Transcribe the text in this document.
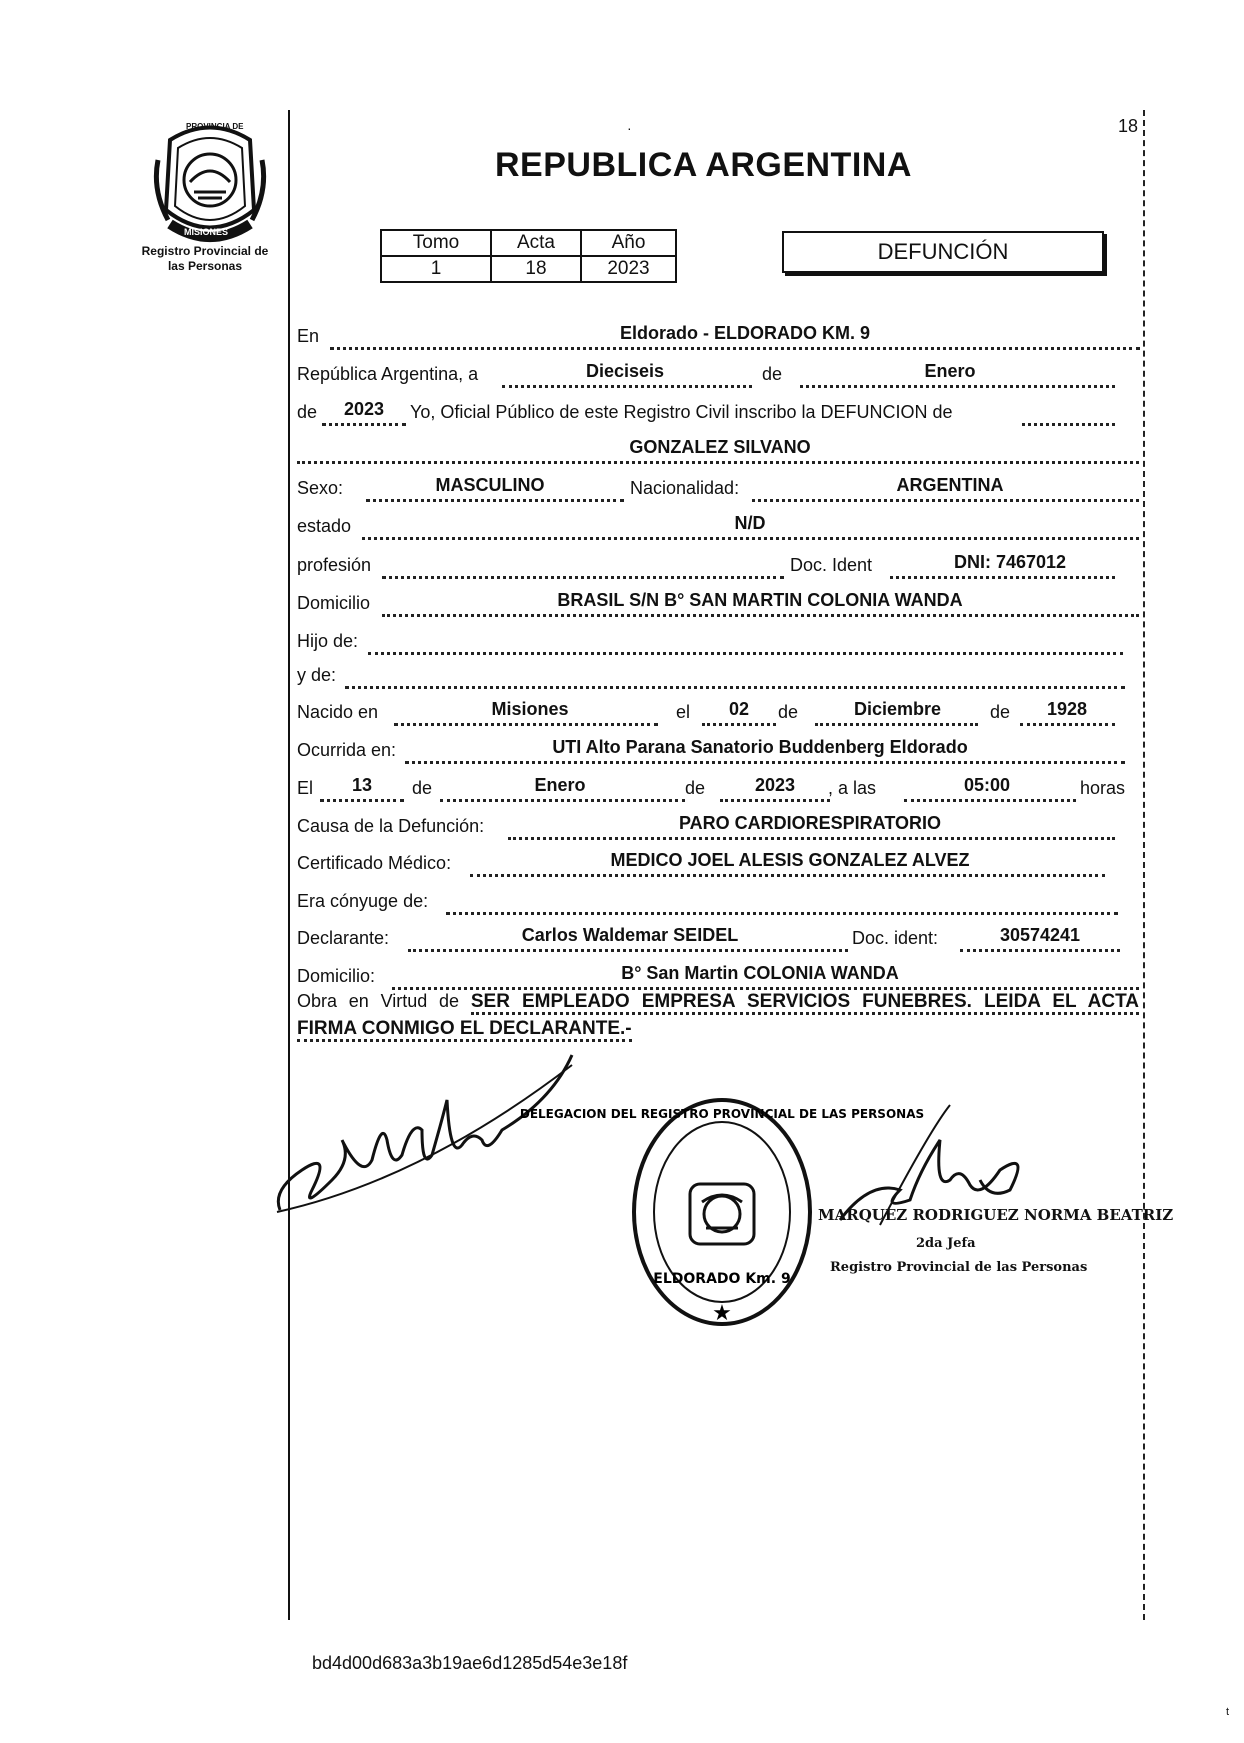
18
·
PROVINCIA DE
MISIONES
Registro Provincial de
las Personas
REPUBLICA ARGENTINA
Tomo	Acta	Año
1	18	2023
DEFUNCIÓN
En	Eldorado - ELDORADO KM. 9
República Argentina, a	Dieciseis	de	Enero
de	2023	Yo, Oficial Público de este Registro Civil inscribo la DEFUNCION de
GONZALEZ SILVANO
Sexo:	MASCULINO	Nacionalidad:	ARGENTINA
estado	N/D
profesión	Doc. Ident	DNI: 7467012
Domicilio	BRASIL S/N B° SAN MARTIN COLONIA WANDA
Hijo de:
y de:
Nacido en	Misiones	el	02	de	Diciembre	de	1928
Ocurrida en:	UTI Alto Parana Sanatorio Buddenberg Eldorado
El	13	de	Enero	de	2023	, a las	05:00	horas
Causa de la Defunción:	PARO CARDIORESPIRATORIO
Certificado Médico:	MEDICO JOEL ALESIS GONZALEZ ALVEZ
Era cónyuge de:
Declarante:	Carlos Waldemar SEIDEL	Doc. ident:	30574241
Domicilio:	B° San Martin COLONIA WANDA
Obra en Virtud de SER EMPLEADO EMPRESA SERVICIOS FUNEBRES. LEIDA EL ACTA
FIRMA CONMIGO EL DECLARANTE.-
★
DELEGACION DEL REGISTRO PROVINCIAL DE LAS PERSONAS
ELDORADO Km. 9
MARQUEZ RODRIGUEZ NORMA BEATRIZ
2da Jefa
Registro Provincial de las Personas
bd4d00d683a3b19ae6d1285d54e3e18f
t
